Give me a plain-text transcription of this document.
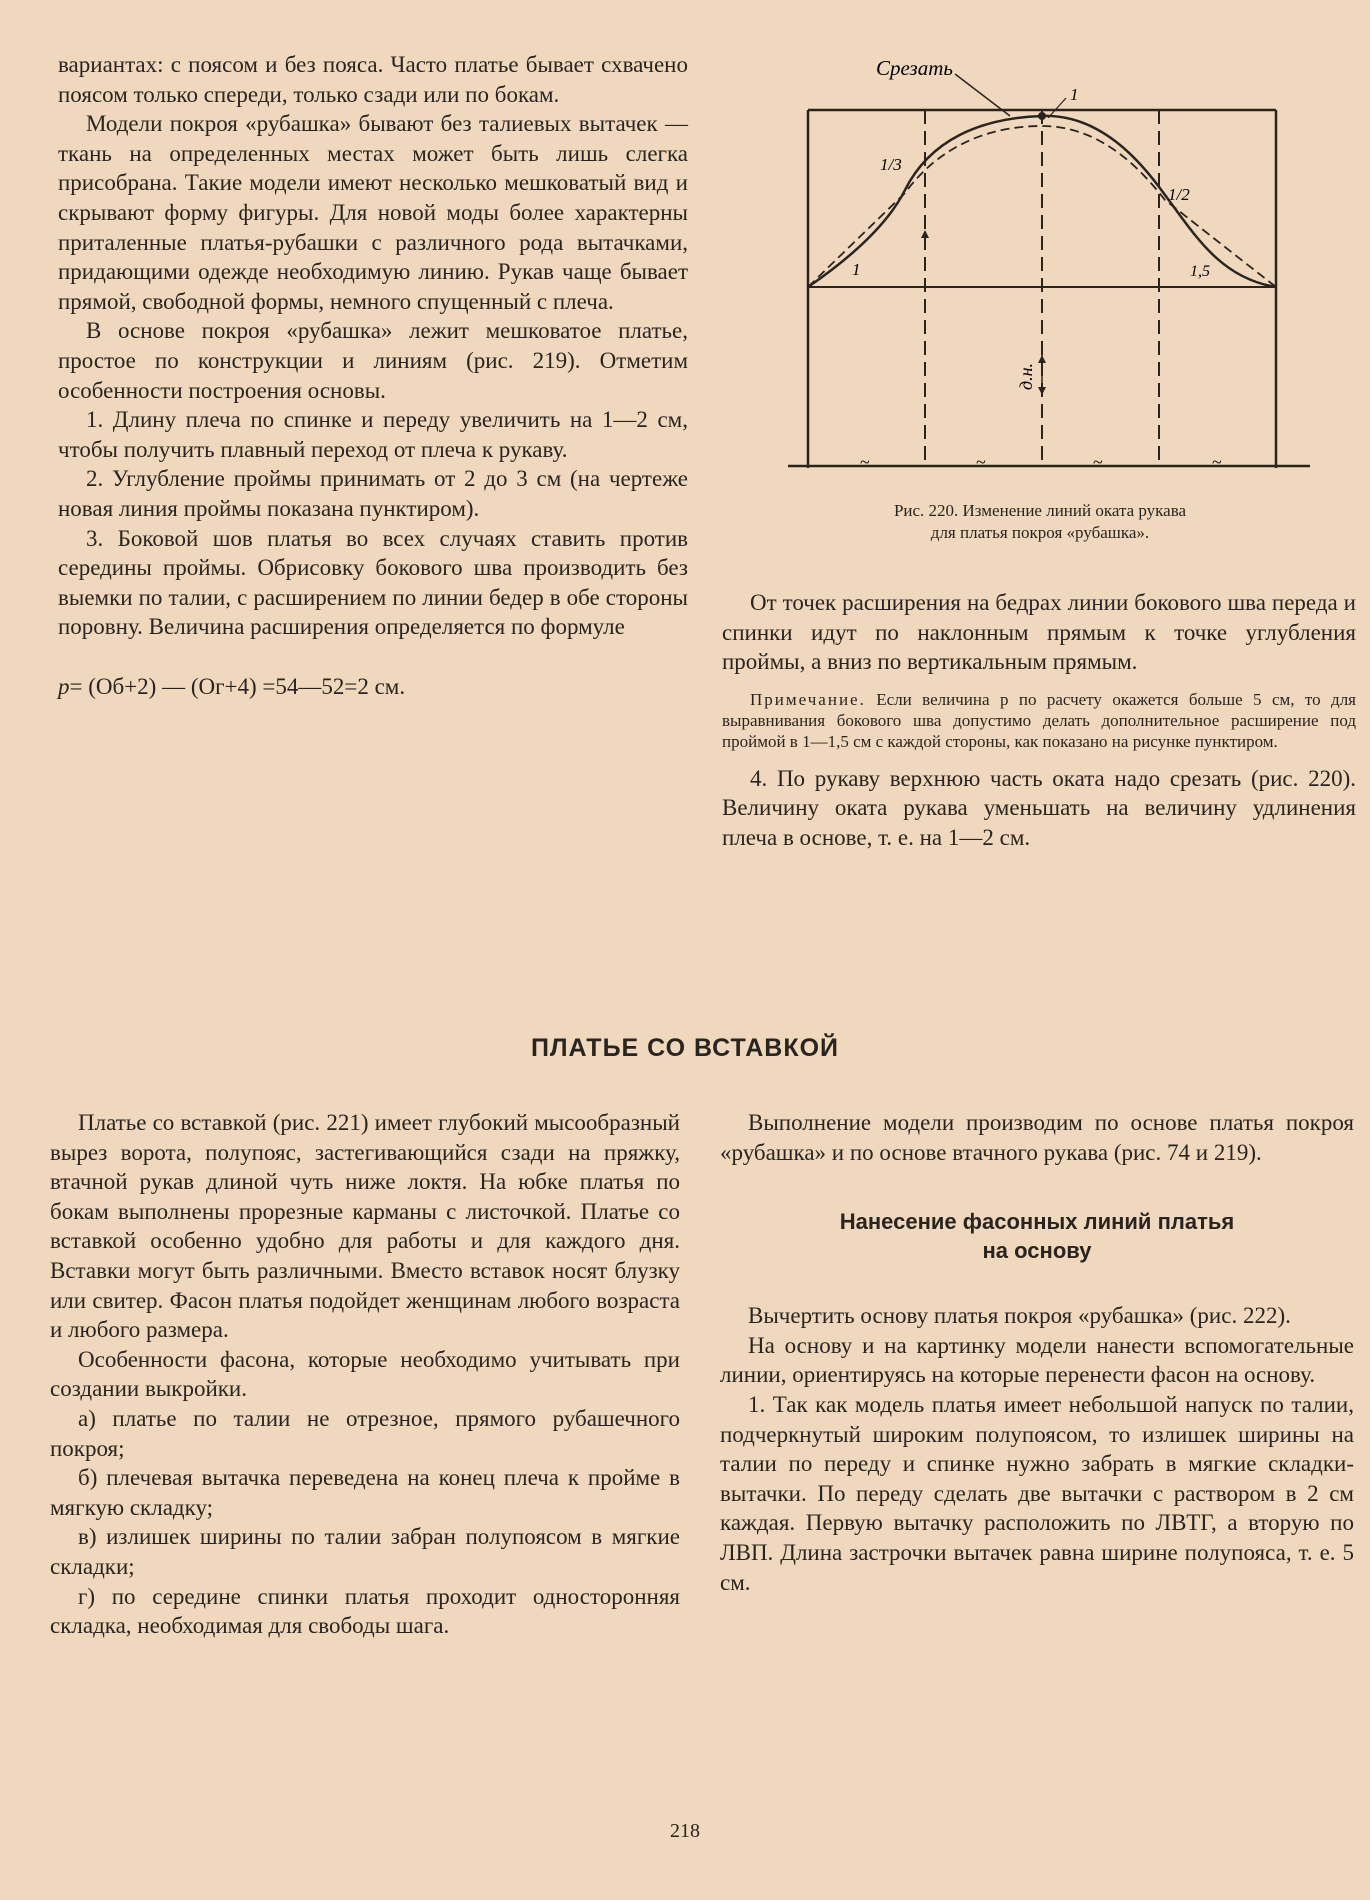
вариантах: с поясом и без пояса. Часто платье бывает схвачено поясом только спереди, только сзади или по бокам.

Модели покроя «рубашка» бывают без талиевых вытачек — ткань на определенных местах может быть лишь слегка присобрана. Такие модели имеют несколько мешковатый вид и скрывают форму фигуры. Для новой моды более характерны приталенные платья-рубашки с различного рода вытачками, придающими одежде необходимую линию. Рукав чаще бывает прямой, свободной формы, немного спущенный с плеча.

В основе покроя «рубашка» лежит мешковатое платье, простое по конструкции и линиям (рис. 219). Отметим особенности построения основы.

1. Длину плеча по спинке и переду увеличить на 1—2 см, чтобы получить плавный переход от плеча к рукаву.

2. Углубление проймы принимать от 2 до 3 см (на чертеже новая линия проймы показана пунктиром).

3. Боковой шов платья во всех случаях ставить против середины проймы. Обрисовку бокового шва производить без выемки по талии, с расширением по линии бедер в обе стороны поровну. Величина расширения определяется по формуле

p= (Об+2) — (Ог+4) =54—52=2 см.

~	~	~	~
Срезать
1
1/3
1/2
1	1,5
д.н.
Рис. 220. Изменение линий оката рукава
для платья покроя «рубашка».

От точек расширения на бедрах линии бокового шва переда и спинки идут по наклонным прямым к точке углубления проймы, а вниз по вертикальным прямым.

Примечание. Если величина р по расчету окажется больше 5 см, то для выравнивания бокового шва допустимо делать дополнительное расширение под проймой в 1—1,5 см с каждой стороны, как показано на рисунке пунктиром.

4. По рукаву верхнюю часть оката надо срезать (рис. 220). Величину оката рукава уменьшать на величину удлинения плеча в основе, т. е. на 1—2 см.

ПЛАТЬЕ СО ВСТАВКОЙ

Платье со вставкой (рис. 221) имеет глубокий мысообразный вырез ворота, полупояс, застегивающийся сзади на пряжку, втачной рукав длиной чуть ниже локтя. На юбке платья по бокам выполнены прорезные карманы с листочкой. Платье со вставкой особенно удобно для работы и для каждого дня. Вставки могут быть различными. Вместо вставок носят блузку или свитер. Фасон платья подойдет женщинам любого возраста и любого размера.

Особенности фасона, которые необходимо учитывать при создании выкройки.

а) платье по талии не отрезное, прямого рубашечного покроя;

б) плечевая вытачка переведена на конец плеча к пройме в мягкую складку;

в) излишек ширины по талии забран полупоясом в мягкие складки;

г) по середине спинки платья проходит односторонняя складка, необходимая для свободы шага.

Выполнение модели производим по основе платья покроя «рубашка» и по основе втачного рукава (рис. 74 и 219).

Нанесение фасонных линий платья
на основу

Вычертить основу платья покроя «рубашка» (рис. 222).

На основу и на картинку модели нанести вспомогательные линии, ориентируясь на которые перенести фасон на основу.

1. Так как модель платья имеет небольшой напуск по талии, подчеркнутый широким полупоясом, то излишек ширины на талии по переду и спинке нужно забрать в мягкие складки-вытачки. По переду сделать две вытачки с раствором в 2 см каждая. Первую вытачку расположить по ЛВТГ, а вторую по ЛВП. Длина застрочки вытачек равна ширине полупояса, т. е. 5 см.

218
